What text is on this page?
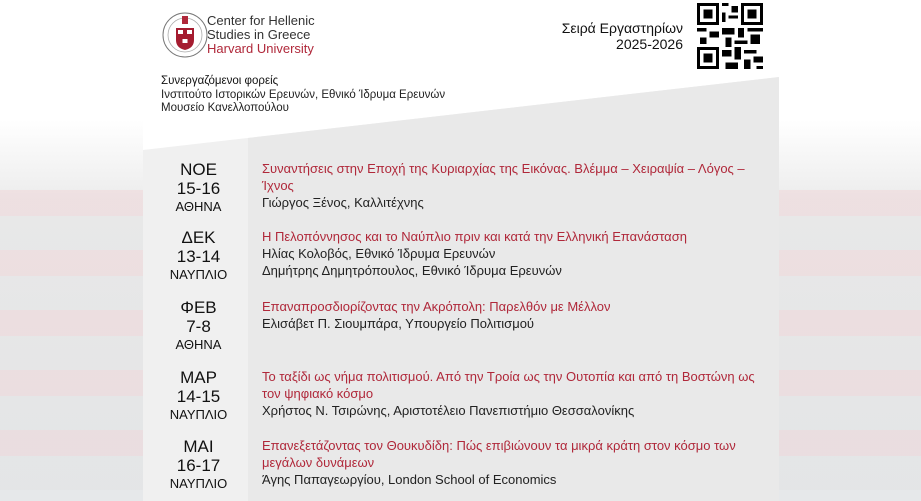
Center for Hellenic
Studies in Greece
Harvard University
Συνεργαζόμενοι φορείς
Ινστιτούτο Ιστορικών Ερευνών, Εθνικό Ίδρυμα Ερευνών
Μουσείο Κανελλοπούλου
Σειρά Εργαστηρίων
2025-2026
ΝΟΕ
15-16
ΑΘΗΝΑ
Συναντήσεις στην Εποχή της Κυριαρχίας της Εικόνας. Βλέμμα – Χειραψία – Λόγος – Ίχνος
Γιώργος Ξένος, Καλλιτέχνης
ΔΕΚ
13-14
ΝΑΥΠΛΙΟ
Η Πελοπόννησος και το Ναύπλιο πριν και κατά την Ελληνική Επανάσταση
Ηλίας Κολοβός, Εθνικό Ίδρυμα Ερευνών
Δημήτρης Δημητρόπουλος, Εθνικό Ίδρυμα Ερευνών
ΦΕΒ
7-8
ΑΘΗΝΑ
Επαναπροσδιορίζοντας την Ακρόπολη: Παρελθόν με Μέλλον
Ελισάβετ Π. Σιουμπάρα, Υπουργείο Πολιτισμού
ΜΑΡ
14-15
ΝΑΥΠΛΙΟ
Το ταξίδι ως νήμα πολιτισμού. Από την Τροία ως την Ουτοπία και από τη Βοστώνη ως τον ψηφιακό κόσμο
Χρήστος Ν. Τσιρώνης, Αριστοτέλειο Πανεπιστήμιο Θεσσαλονίκης
ΜΑΙ
16-17
ΝΑΥΠΛΙΟ
Επανεξετάζοντας τον Θουκυδίδη: Πώς επιβιώνουν τα μικρά κράτη στον κόσμο των μεγάλων δυνάμεων
Άγης Παπαγεωργίου, London School of Economics
